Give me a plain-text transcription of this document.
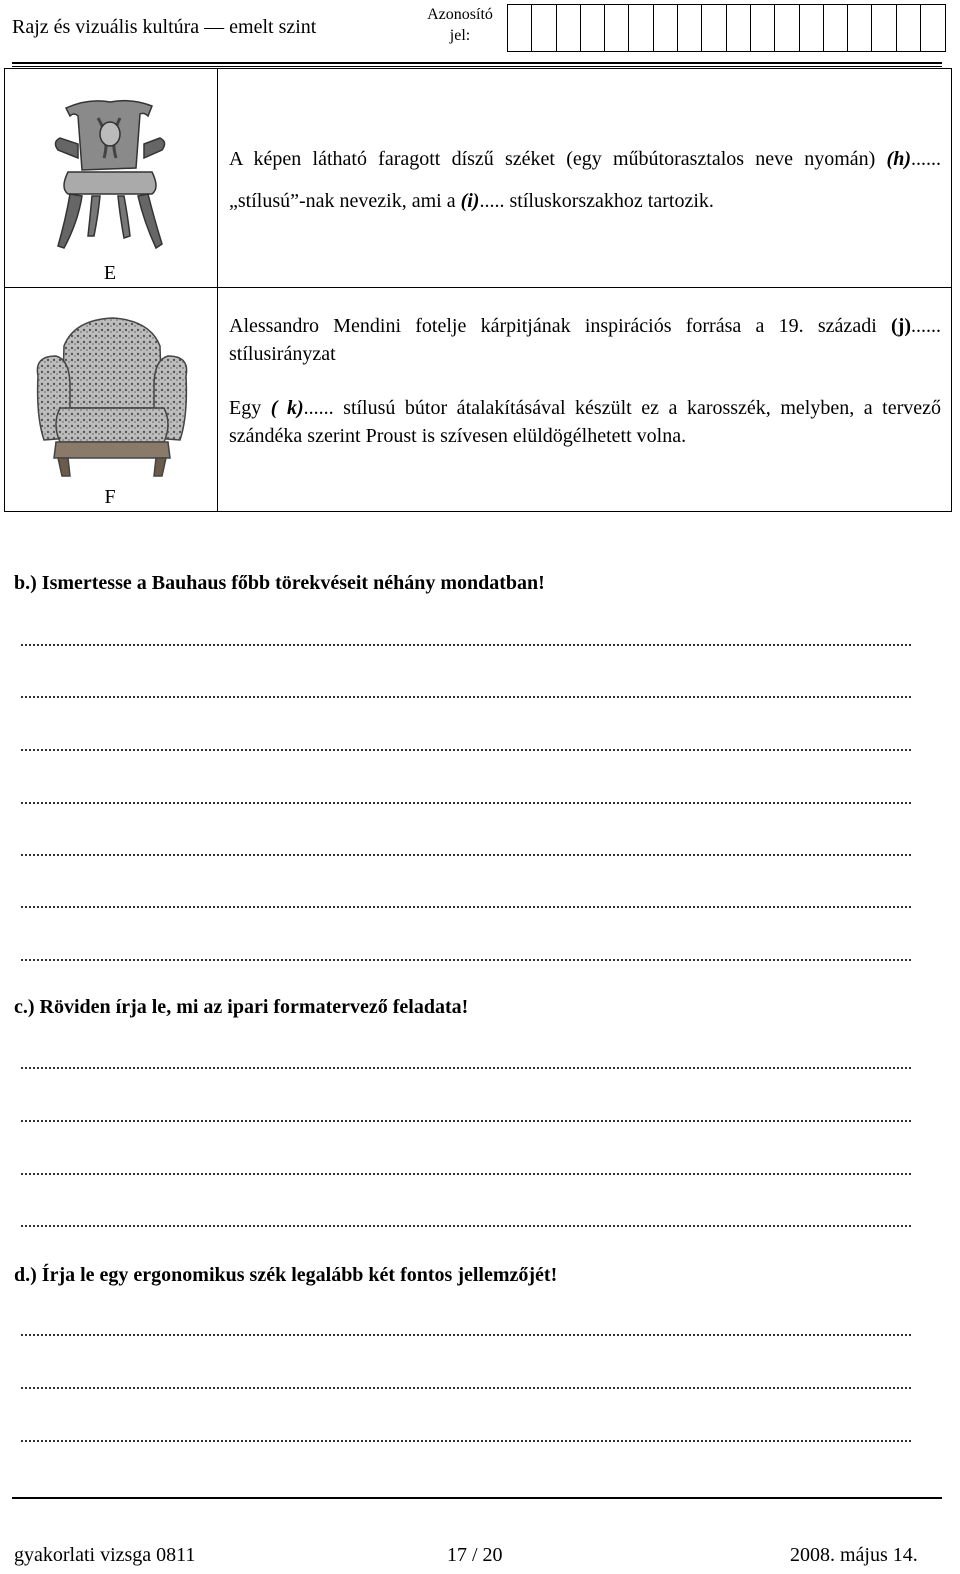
Rajz és vizuális kultúra — emelt szint
Azonosító
jel:
E
F
A képen látható faragott díszű széket (egy műbútorasztalos neve nyomán) (h)...... „stílusú”-nak nevezik, ami a (i)..... stíluskorszakhoz tartozik.
Alessandro Mendini fotelje kárpitjának inspirációs forrása a 19. századi (j)...... stílusirányzat
Egy ( k)...... stílusú bútor átalakításával készült ez a karosszék, melyben, a tervező szándéka szerint Proust is szívesen elüldögélhetett volna.
b.) Ismertesse a Bauhaus főbb törekvéseit néhány mondatban!
c.) Röviden írja le, mi az ipari formatervező feladata!
d.) Írja le egy ergonomikus szék legalább két fontos jellemzőjét!
gyakorlati vizsga 0811	17 / 20	2008. május 14.
